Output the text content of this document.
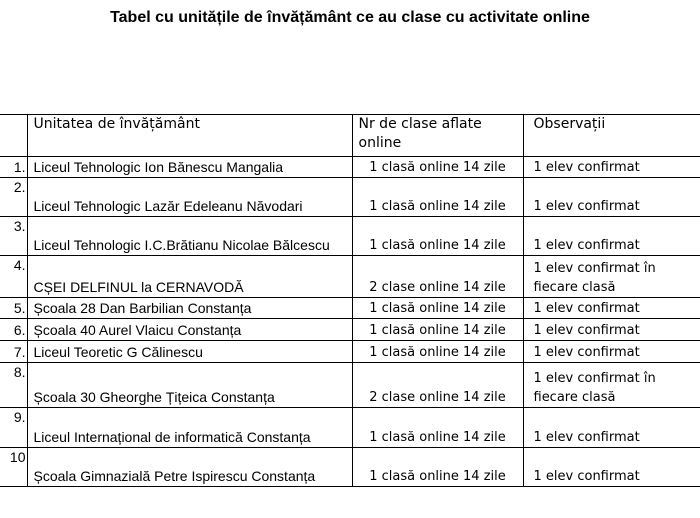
Tabel cu unitățile de învățământ ce au clase cu activitate online
	Unitatea de învățământ	Nr de clase aflate online	Observații
1.	Liceul Tehnologic Ion Bănescu Mangalia	1 clasă online 14 zile	1 elev confirmat
2.	Liceul Tehnologic Lazăr Edeleanu Năvodari	1 clasă online 14 zile	1 elev confirmat
3.	Liceul Tehnologic I.C.Brătianu Nicolae Bălcescu	1 clasă online 14 zile	1 elev confirmat
4.	CȘEI DELFINUL la CERNAVODĂ	2 clase online 14 zile	1 elev confirmat în fiecare clasă
5.	Școala 28 Dan Barbilian Constanța	1 clasă online 14 zile	1 elev confirmat
6.	Școala 40 Aurel Vlaicu Constanța	1 clasă online 14 zile	1 elev confirmat
7.	Liceul Teoretic G Călinescu	1 clasă online 14 zile	1 elev confirmat
8.	Școala 30 Gheorghe Țițeica Constanța	2 clase online 14 zile	1 elev confirmat în fiecare clasă
9.	Liceul Internațional de informatică Constanța	1 clasă online 14 zile	1 elev confirmat
10	Școala Gimnazială Petre Ispirescu Constanța	1 clasă online 14 zile	1 elev confirmat
